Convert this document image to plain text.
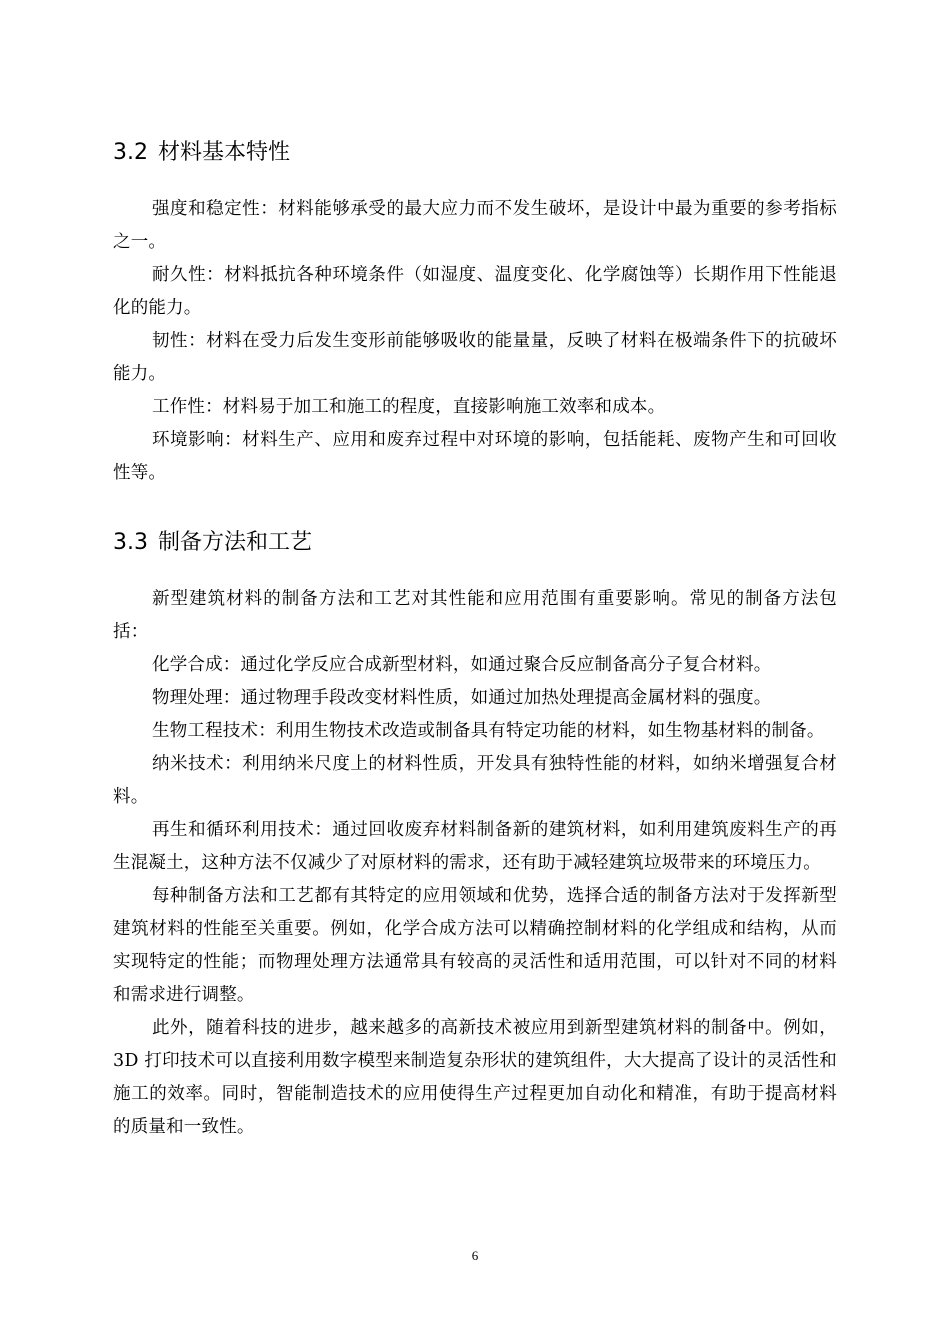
3.2 材料基本特性

强度和稳定性：材料能够承受的最大应力而不发生破坏，是设计中最为重要的参考指标之一。

耐久性：材料抵抗各种环境条件（如湿度、温度变化、化学腐蚀等）长期作用下性能退化的能力。

韧性：材料在受力后发生变形前能够吸收的能量量，反映了材料在极端条件下的抗破坏能力。

工作性：材料易于加工和施工的程度，直接影响施工效率和成本。

环境影响：材料生产、应用和废弃过程中对环境的影响，包括能耗、废物产生和可回收性等。

3.3 制备方法和工艺

新型建筑材料的制备方法和工艺对其性能和应用范围有重要影响。常见的制备方法包括：

化学合成：通过化学反应合成新型材料，如通过聚合反应制备高分子复合材料。

物理处理：通过物理手段改变材料性质，如通过加热处理提高金属材料的强度。

生物工程技术：利用生物技术改造或制备具有特定功能的材料，如生物基材料的制备。

纳米技术：利用纳米尺度上的材料性质，开发具有独特性能的材料，如纳米增强复合材料。

再生和循环利用技术：通过回收废弃材料制备新的建筑材料，如利用建筑废料生产的再生混凝土，这种方法不仅减少了对原材料的需求，还有助于减轻建筑垃圾带来的环境压力。

每种制备方法和工艺都有其特定的应用领域和优势，选择合适的制备方法对于发挥新型建筑材料的性能至关重要。例如，化学合成方法可以精确控制材料的化学组成和结构，从而实现特定的性能；而物理处理方法通常具有较高的灵活性和适用范围，可以针对不同的材料和需求进行调整。

此外，随着科技的进步，越来越多的高新技术被应用到新型建筑材料的制备中。例如，3D 打印技术可以直接利用数字模型来制造复杂形状的建筑组件，大大提高了设计的灵活性和施工的效率。同时，智能制造技术的应用使得生产过程更加自动化和精准，有助于提高材料的质量和一致性。

6
